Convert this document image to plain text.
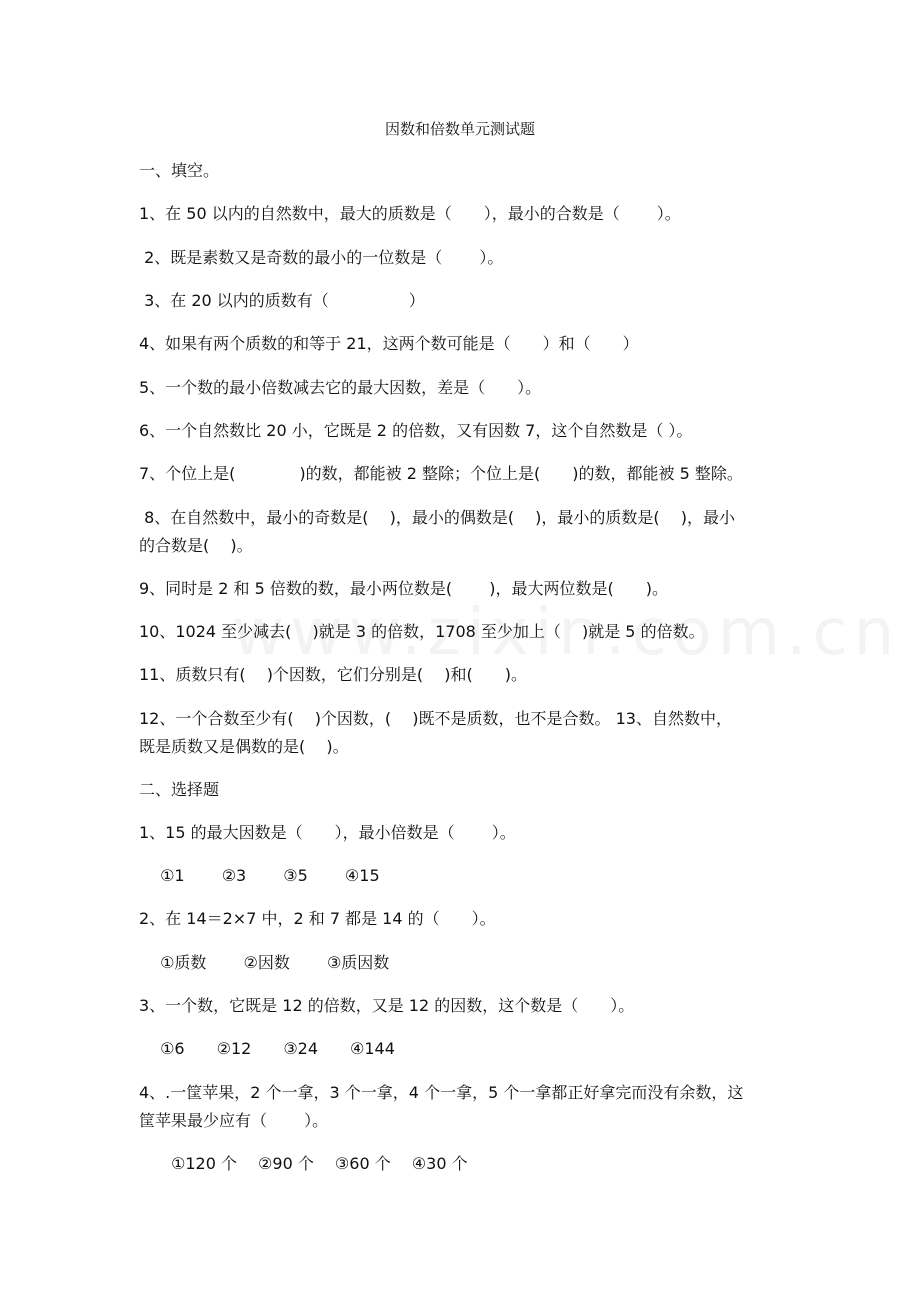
因数和倍数单元测试题
一、填空。
1、在 50 以内的自然数中，最大的质数是（　　），最小的合数是（　　 ）。
2、既是素数又是奇数的最小的一位数是（　　 ）。
3、在 20 以内的质数有（　　　　　）
4、如果有两个质数的和等于 21，这两个数可能是（　　）和（　　）
5、一个数的最小倍数减去它的最大因数，差是（　　）。
6、一个自然数比 20 小，它既是 2 的倍数，又有因数 7，这个自然数是（ ）。
7、个位上是(　　　　)的数，都能被 2 整除；个位上是(　　)的数，都能被 5 整除。
8、在自然数中，最小的奇数是(　 )，最小的偶数是(　 )，最小的质数是(　 )，最小
的合数是(　 )。
9、同时是 2 和 5 倍数的数，最小两位数是(　　 )，最大两位数是(　　)。
10、1024 至少减去(　 )就是 3 的倍数，1708 至少加上（　 )就是 5 的倍数。
11、质数只有(　 )个因数，它们分别是(　 )和(　　)。
12、一个合数至少有(　 )个因数，(　 )既不是质数，也不是合数。 13、自然数中，
既是质数又是偶数的是(　 )。
二、选择题
1、15 的最大因数是（　　），最小倍数是（　　 ）。
　 ①1　　 ②3　　 ③5　　 ④15
2、在 14＝2×7 中，2 和 7 都是 14 的（　　）。
　 ①质数　　 ②因数　　 ③质因数
3、一个数，它既是 12 的倍数，又是 12 的因数，这个数是（　　）。
　 ①6　　②12　　③24　　④144
4、.一筐苹果，2 个一拿，3 个一拿，4 个一拿，5 个一拿都正好拿完而没有余数，这
筐苹果最少应有（　　 ）。
　　①120 个　 ②90 个　 ③60 个　 ④30 个
